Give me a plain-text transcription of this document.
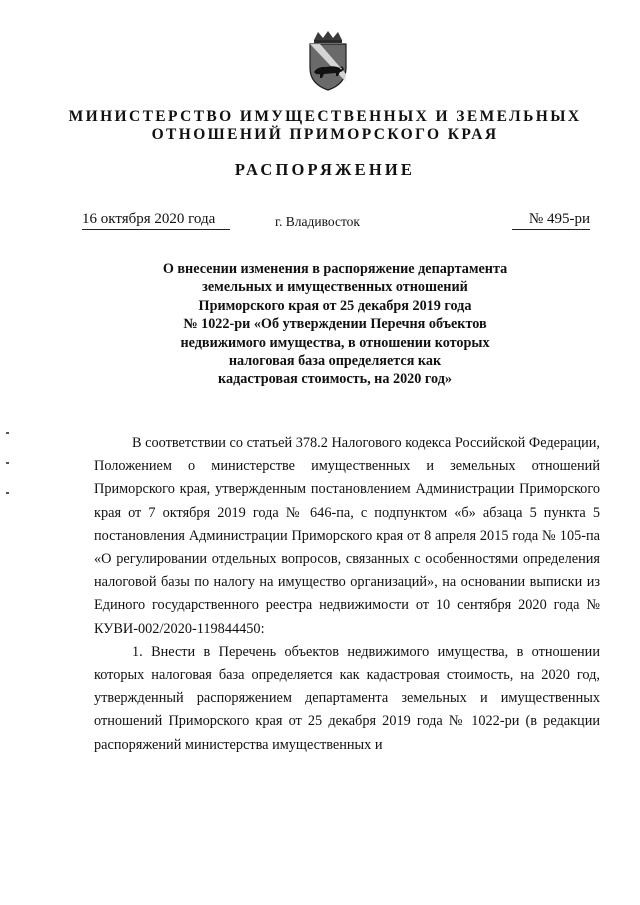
МИНИСТЕРСТВО ИМУЩЕСТВЕННЫХ И ЗЕМЕЛЬНЫХ
ОТНОШЕНИЙ ПРИМОРСКОГО КРАЯ
РАСПОРЯЖЕНИЕ
16 октября 2020 года	г. Владивосток	№ 495-ри
О внесении изменения в распоряжение департамента
земельных и имущественных отношений
Приморского края от 25 декабря 2019 года
№ 1022-ри «Об утверждении Перечня объектов
недвижимого имущества, в отношении которых
налоговая база определяется как
кадастровая стоимость, на 2020 год»

В соответствии со статьей 378.2 Налогового кодекса Российской Федерации, Положением о министерстве имущественных и земельных отношений Приморского края, утвержденным постановлением Администрации Приморского края от 7 октября 2019 года № 646-па, с подпунктом «б» абзаца 5 пункта 5 постановления Администрации Приморского края от 8 апреля 2015 года № 105-па «О регулировании отдельных вопросов, связанных с особенностями определения налоговой базы по налогу на имущество организаций», на основании выписки из Единого государственного реестра недвижимости от 10 сентября 2020 года № КУВИ-002/2020-119844450:

1. Внести в Перечень объектов недвижимого имущества, в отношении которых налоговая база определяется как кадастровая стоимость, на 2020 год, утвержденный распоряжением департамента земельных и имущественных отношений Приморского края от 25 декабря 2019 года № 1022-ри (в редакции распоряжений министерства имущественных и
